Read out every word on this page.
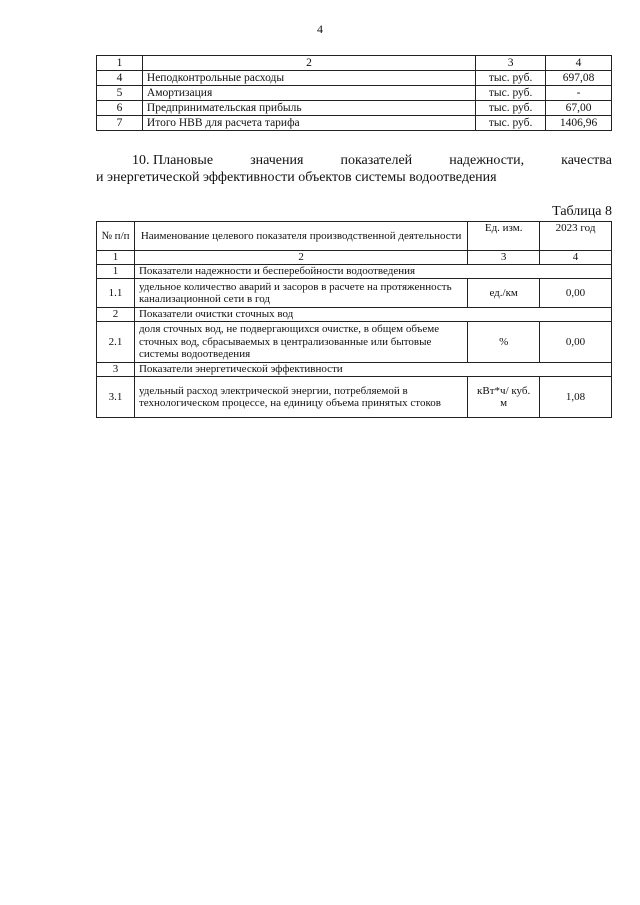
4
1	2	3	4
4	Неподконтрольные расходы	тыс. руб.	697,08
5	Амортизация	тыс. руб.	-
6	Предпринимательская прибыль	тыс. руб.	67,00
7	Итого НВВ для расчета тарифа	тыс. руб.	1406,96
10. Плановые	значения	показателей	надежности,	качества
и энергетической эффективности объектов системы водоотведения
Таблица 8
№ п/п	Наименование целевого показателя производственной деятельности	Ед. изм.	2023 год
1	2	3	4
1	Показатели надежности и бесперебойности водоотведения		
1.1	удельное количество аварий и засоров в расчете на протяженность канализационной сети в год	ед./км	0,00
2	Показатели очистки сточных вод		
2.1	доля сточных вод, не подвергающихся очистке, в общем объеме сточных вод, сбрасываемых в централизованные или бытовые системы водоотведения	%	0,00
3	Показатели энергетической эффективности		
3.1	удельный расход электрической энергии, потребляемой в технологическом процессе, на единицу объема принятых стоков	кВт*ч/ куб. м	1,08
